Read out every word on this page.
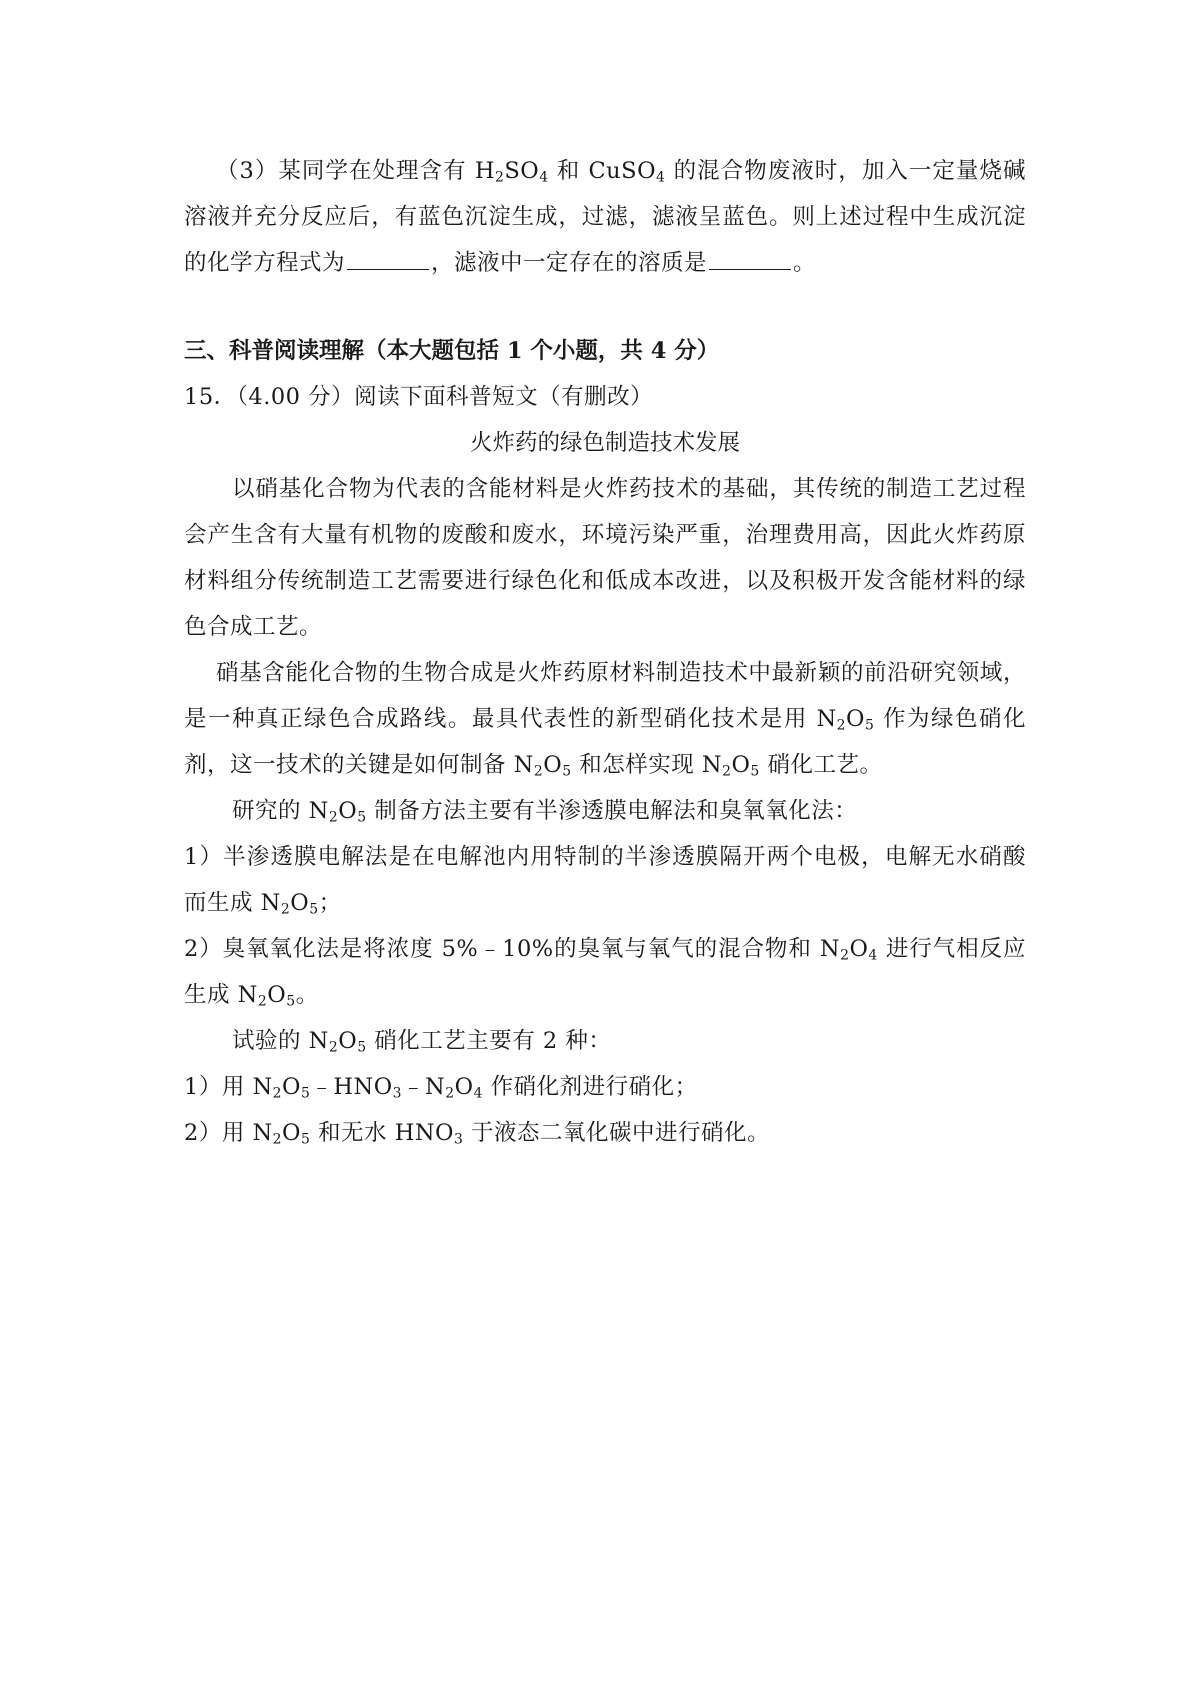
（3）某同学在处理含有 $H_2SO_4$ 和 CuSO$_4$ 的混合物废液时，加入一定量烧碱溶液并充分反应后，有蓝色沉淀生成，过滤，滤液呈蓝色。则上述过程中生成沉淀的化学方程式为	，滤液中一定存在的溶质是	。

三、科普阅读理解（本大题包括 1 个小题，共 4 分）

15．（4.00 分）阅读下面科普短文（有删改）

火炸药的绿色制造技术发展

以硝基化合物为代表的含能材料是火炸药技术的基础，其传统的制造工艺过程会产生含有大量有机物的废酸和废水，环境污染严重，治理费用高，因此火炸药原材料组分传统制造工艺需要进行绿色化和低成本改进，以及积极开发含能材料的绿色合成工艺。

硝基含能化合物的生物合成是火炸药原材料制造技术中最新颖的前沿研究领域，是一种真正绿色合成路线。最具代表性的新型硝化技术是用 $N_2O_5$ 作为绿色硝化剂，这一技术的关键是如何制备 $N_2O_5$ 和怎样实现 $N_2O_5$ 硝化工艺。

研究的 $N_2O_5$ 制备方法主要有半渗透膜电解法和臭氧氧化法：

1）半渗透膜电解法是在电解池内用特制的半渗透膜隔开两个电极，电解无水硝酸而生成 $N_2O_5$；

2）臭氧氧化法是将浓度 5%﹣10%的臭氧与氧气的混合物和 $N_2O_4$ 进行气相反应生成 $N_2O_5$。

试验的 $N_2O_5$ 硝化工艺主要有 2 种：

1）用 $N_2O_5﹣HNO_3﹣N_2O_4$ 作硝化剂进行硝化；

2）用 $N_2O_5$ 和无水 $HNO_3$ 于液态二氧化碳中进行硝化。
